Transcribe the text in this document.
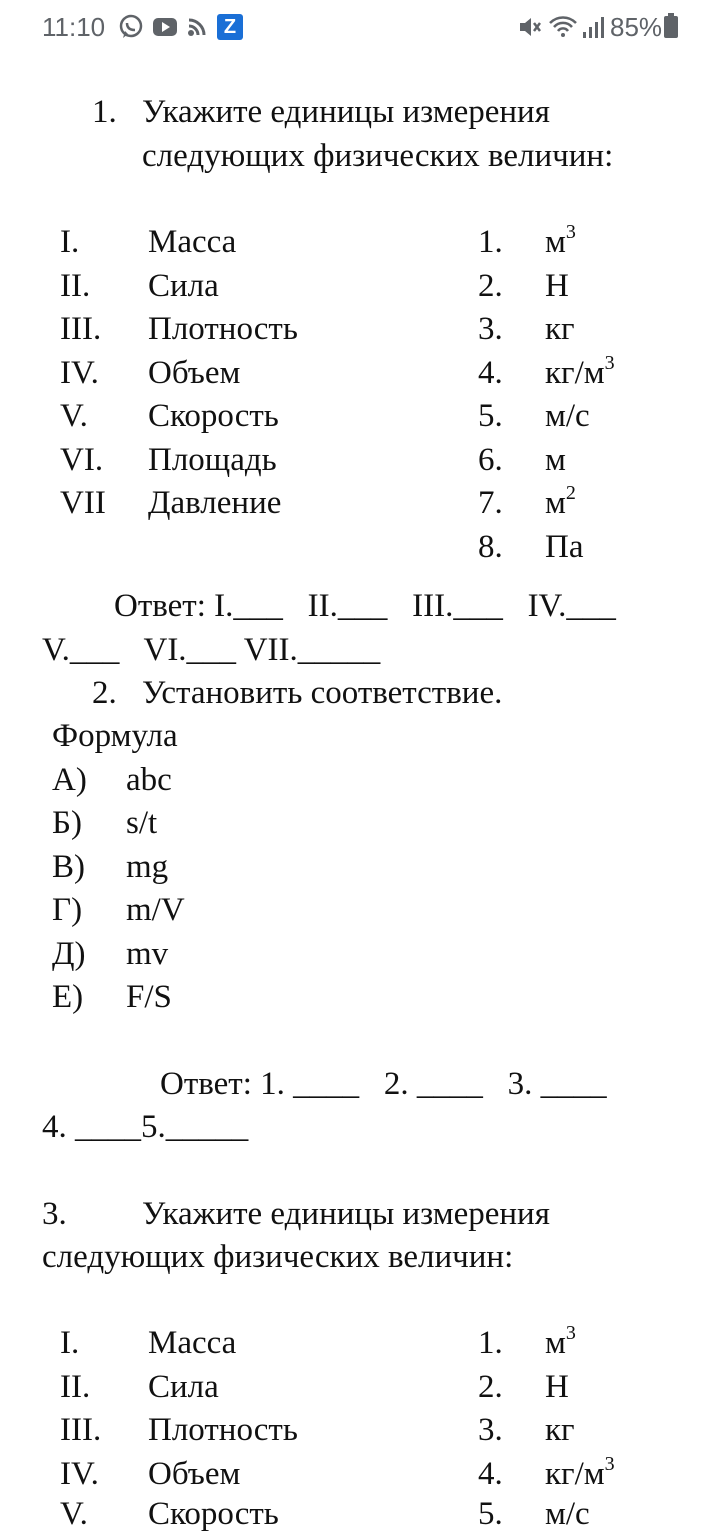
11:10	Z	85%
1. Укажите единицы измерения
следующих физических величин:
I. Масса
II. Сила
III. Плотность
IV. Объем
V. Скорость
VI. Площадь
VII Давление
1. $м^3$
2. Н
3. кг
4. $кг/м^3$
5. м/с
6. м
7. $м^2$
8. Па
Ответ: I.___   II.___   III.___   IV.___
V.___   VI.___ VII._____
2. Установить соответствие.
Формула
А) abc
Б) s/t
В) mg
Г) m/V
Д) mv
Е) F/S
Ответ: 1. ____   2. ____   3. ____
4. ____5._____
3. Укажите единицы измерения
следующих физических величин:
I. Масса
II. Сила
III. Плотность
IV. Объем
V. Скорость
1. $м^3$
2. Н
3. кг
4. $кг/м^3$
5. м/с
